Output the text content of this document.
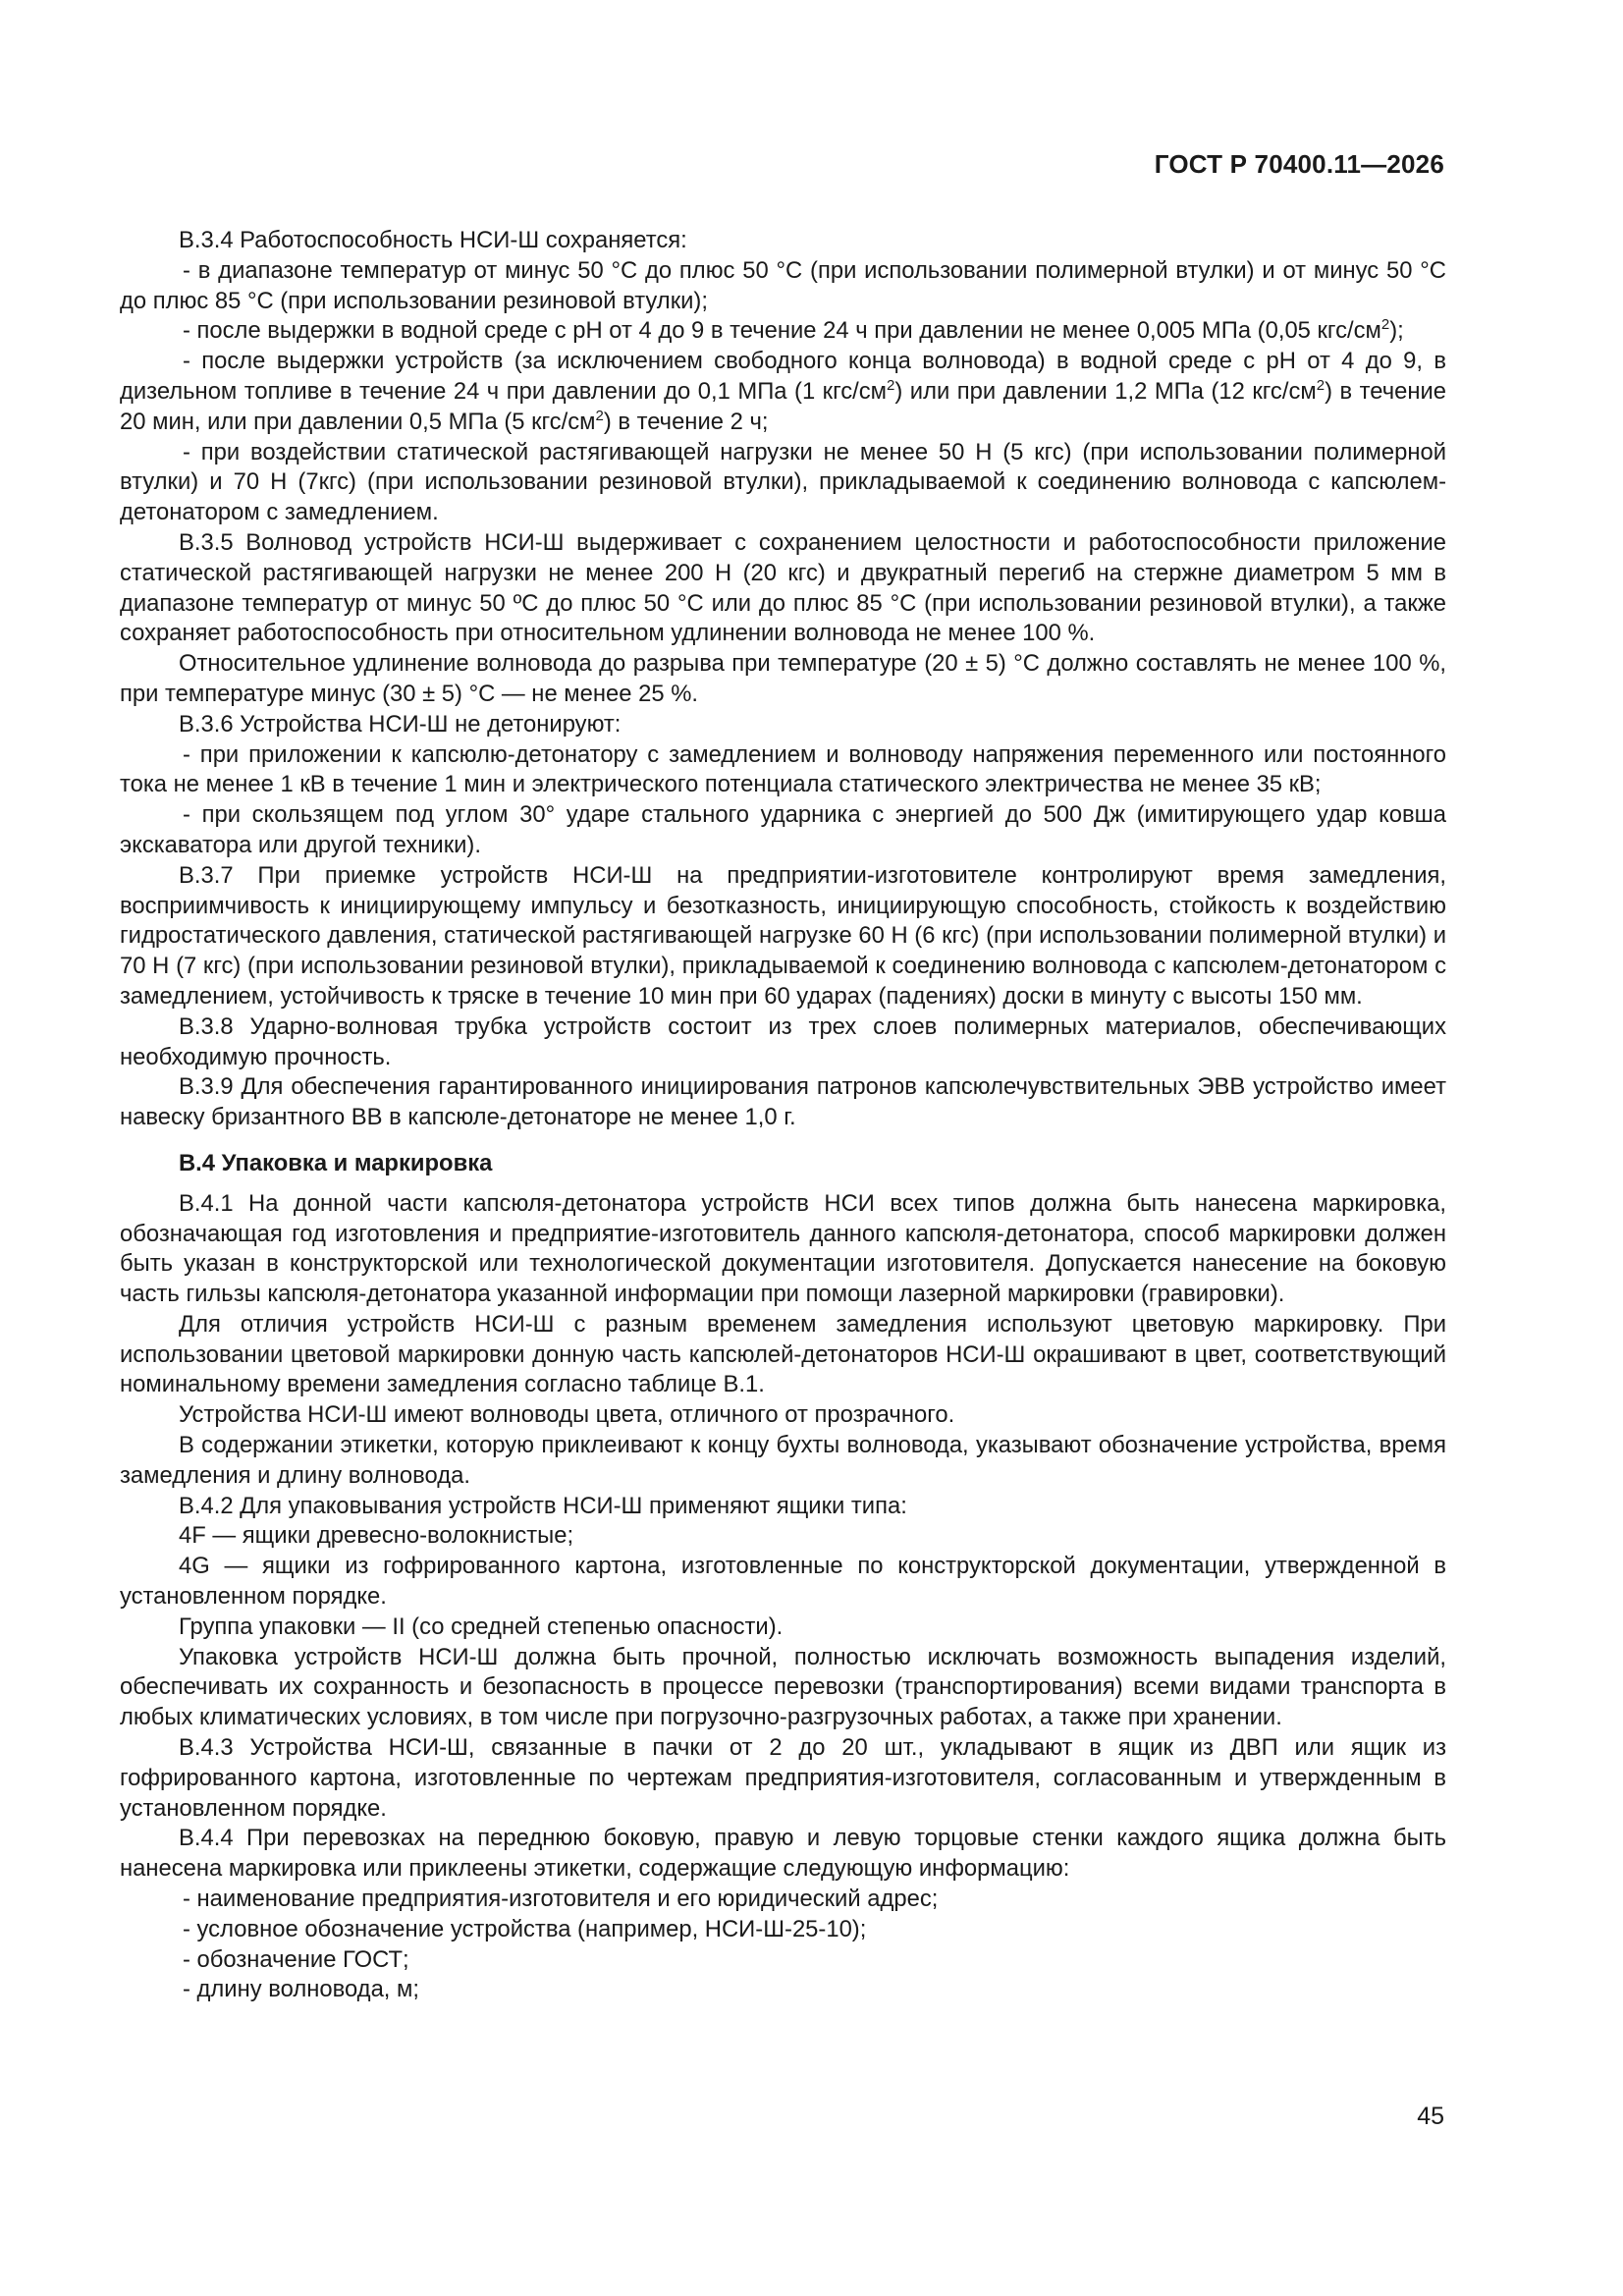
ГОСТ Р 70400.11—2026

В.3.4 Работоспособность НСИ-Ш сохраняется:

- в диапазоне температур от минус 50 °С до плюс 50 °С (при использовании полимерной втулки) и от минус 50 °С до плюс 85 °С (при использовании резиновой втулки);

- после выдержки в водной среде с рН от 4 до 9 в течение 24 ч при давлении не менее 0,005 МПа (0,05 кгс/$см^2$);

- после выдержки устройств (за исключением свободного конца волновода) в водной среде с рН от 4 до 9, в дизельном топливе в течение 24 ч при давлении до 0,1 МПа (1 кгс/$см^2$) или при давлении 1,2 МПа (12 кгс/$см^2$) в течение 20 мин, или при давлении 0,5 МПа (5 кгс/$см^2$) в течение 2 ч;

- при воздействии статической растягивающей нагрузки не менее 50 Н (5 кгс) (при использовании полимерной втулки) и 70 Н (7кгс) (при использовании резиновой втулки), прикладываемой к соединению волновода с капсюлем-детонатором с замедлением.

В.3.5 Волновод устройств НСИ-Ш выдерживает с сохранением целостности и работоспособности приложение статической растягивающей нагрузки не менее 200 Н (20 кгс) и двукратный перегиб на стержне диаметром 5 мм в диапазоне температур от минус 50 ºС до плюс 50 °С или до плюс 85 °С (при использовании резиновой втулки), а также сохраняет работоспособность при относительном удлинении волновода не менее 100 %.

Относительное удлинение волновода до разрыва при температуре (20 ± 5) °С должно составлять не менее 100 %, при температуре минус (30 ± 5) °С — не менее 25 %.

В.3.6 Устройства НСИ-Ш не детонируют:

- при приложении к капсюлю-детонатору с замедлением и волноводу напряжения переменного или постоянного тока не менее 1 кВ в течение 1 мин и электрического потенциала статического электричества не менее 35 кВ;

- при скользящем под углом 30° ударе стального ударника с энергией до 500 Дж (имитирующего удар ковша экскаватора или другой техники).

В.3.7 При приемке устройств НСИ-Ш на предприятии-изготовителе контролируют время замедления, восприимчивость к инициирующему импульсу и безотказность, инициирующую способность, стойкость к воздействию гидростатического давления, статической растягивающей нагрузке 60 Н (6 кгс) (при использовании полимерной втулки) и 70 Н (7 кгс) (при использовании резиновой втулки), прикладываемой к соединению волновода с капсюлем-детонатором с замедлением, устойчивость к тряске в течение 10 мин при 60 ударах (падениях) доски в минуту с высоты 150 мм.

В.3.8 Ударно-волновая трубка устройств состоит из трех слоев полимерных материалов, обеспечивающих необходимую прочность.

В.3.9 Для обеспечения гарантированного инициирования патронов капсюлечувствительных ЭВВ устройство имеет навеску бризантного ВВ в капсюле-детонаторе не менее 1,0 г.

В.4 Упаковка и маркировка

В.4.1 На донной части капсюля-детонатора устройств НСИ всех типов должна быть нанесена маркировка, обозначающая год изготовления и предприятие-изготовитель данного капсюля-детонатора, способ маркировки должен быть указан в конструкторской или технологической документации изготовителя. Допускается нанесение на боковую часть гильзы капсюля-детонатора указанной информации при помощи лазерной маркировки (гравировки).

Для отличия устройств НСИ-Ш с разным временем замедления используют цветовую маркировку. При использовании цветовой маркировки донную часть капсюлей-детонаторов НСИ-Ш окрашивают в цвет, соответствующий номинальному времени замедления согласно таблице В.1.

Устройства НСИ-Ш имеют волноводы цвета, отличного от прозрачного.

В содержании этикетки, которую приклеивают к концу бухты волновода, указывают обозначение устройства, время замедления и длину волновода.

В.4.2 Для упаковывания устройств НСИ-Ш применяют ящики типа:

4F — ящики древесно-волокнистые;

4G — ящики из гофрированного картона, изготовленные по конструкторской документации, утвержденной в установленном порядке.

Группа упаковки — II (со средней степенью опасности).

Упаковка устройств НСИ-Ш должна быть прочной, полностью исключать возможность выпадения изделий, обеспечивать их сохранность и безопасность в процессе перевозки (транспортирования) всеми видами транспорта в любых климатических условиях, в том числе при погрузочно-разгрузочных работах, а также при хранении.

В.4.3 Устройства НСИ-Ш, связанные в пачки от 2 до 20 шт., укладывают в ящик из ДВП или ящик из гофрированного картона, изготовленные по чертежам предприятия-изготовителя, согласованным и утвержденным в установленном порядке.

В.4.4 При перевозках на переднюю боковую, правую и левую торцовые стенки каждого ящика должна быть нанесена маркировка или приклеены этикетки, содержащие следующую информацию:

- наименование предприятия-изготовителя и его юридический адрес;

- условное обозначение устройства (например, НСИ-Ш-25-10);

- обозначение ГОСТ;

- длину волновода, м;

45
